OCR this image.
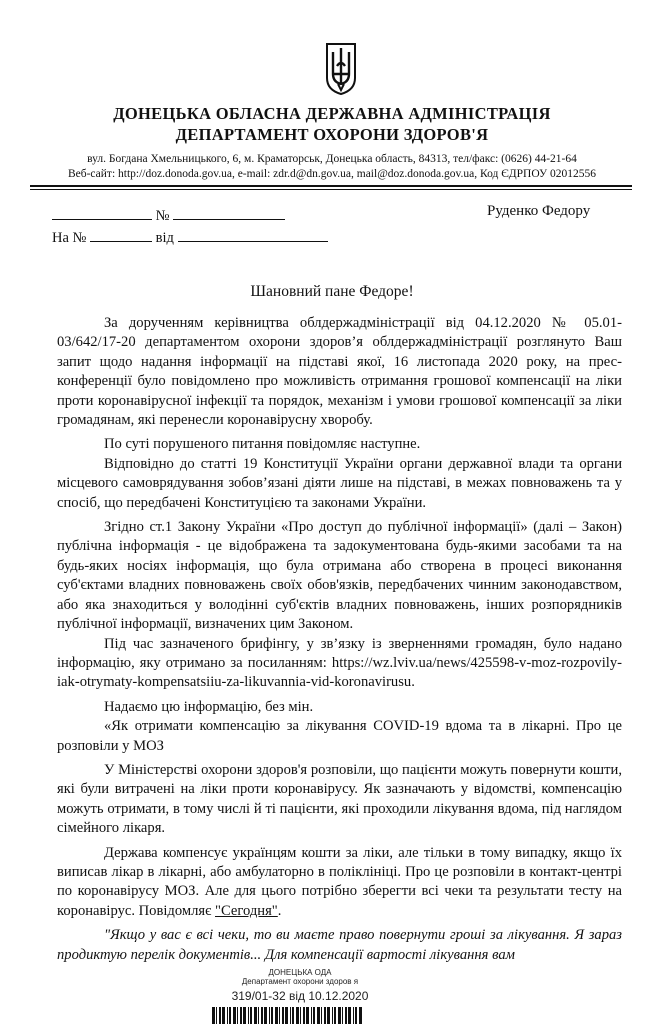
ДОНЕЦЬКА ОБЛАСНА ДЕРЖАВНА АДМІНІСТРАЦІЯ
ДЕПАРТАМЕНТ ОХОРОНИ ЗДОРОВ'Я
вул. Богдана Хмельницького, 6, м. Краматорськ, Донецька область, 84313, тел/факс: (0626) 44-21-64
Веб-сайт: http://doz.donoda.gov.ua, e-mail: zdr.d@dn.gov.ua, mail@doz.donoda.gov.ua, Код ЄДРПОУ 02012556
№
На №	від
Руденко Федору
Шановний пане Федоре!

За дорученням керівництва облдержадміністрації від 04.12.2020 № 05.01-03/642/17-20 департаментом охорони здоров’я облдержадміністрації розглянуто Ваш запит щодо надання інформації на підставі якої, 16 листопада 2020 року, на прес-конференції було повідомлено про можливість отримання грошової компенсації на ліки проти коронавірусної інфекції та порядок, механізм і умови грошової компенсації за ліки громадянам, які перенесли коронавірусну хворобу.

По суті порушеного питання повідомляє наступне.

Відповідно до статті 19 Конституції України органи державної влади та органи місцевого самоврядування зобов’язані діяти лише на підставі, в межах повноважень та у спосіб, що передбачені Конституцією та законами України.

Згідно ст.1 Закону України «Про доступ до публічної інформації» (далі – Закон) публічна інформація - це відображена та задокументована будь-якими засобами та на будь-яких носіях інформація, що була отримана або створена в процесі виконання суб'єктами владних повноважень своїх обов'язків, передбачених чинним законодавством, або яка знаходиться у володінні суб'єктів владних повноважень, інших розпорядників публічної інформації, визначених цим Законом.

Під час зазначеного брифінгу, у зв’язку із зверненнями громадян, було надано інформацію, яку отримано за посиланням: https://wz.lviv.ua/news/425598-v-moz-rozpovily-iak-otrymaty-kompensatsiiu-za-likuvannia-vid-koronavirusu.

Надаємо цю інформацію, без мін.

«Як отримати компенсацію за лікування COVID-19 вдома та в лікарні. Про це розповіли у МОЗ

У Міністерстві охорони здоров'я розповіли, що пацієнти можуть повернути кошти, які були витрачені на ліки проти коронавірусу. Як зазначають у відомстві, компенсацію можуть отримати, в тому числі й ті пацієнти, які проходили лікування вдома, під наглядом сімейного лікаря.

Держава компенсує українцям кошти за ліки, але тільки в тому випадку, якщо їх виписав лікар в лікарні, або амбулаторно в поліклініці. Про це розповіли в контакт-центрі по коронавірусу МОЗ. Але для цього потрібно зберегти всі чеки та результати тесту на коронавірус. Повідомляє "Сегодня".

"Якщо у вас є всі чеки, то ви маєте право повернути гроші за лікування. Я зараз продиктую перелік документів... Для компенсації вартості лікування вам

ДОНЕЦЬКА ОДА
Департамент охорони здоров я
319/01-32 від 10.12.2020
